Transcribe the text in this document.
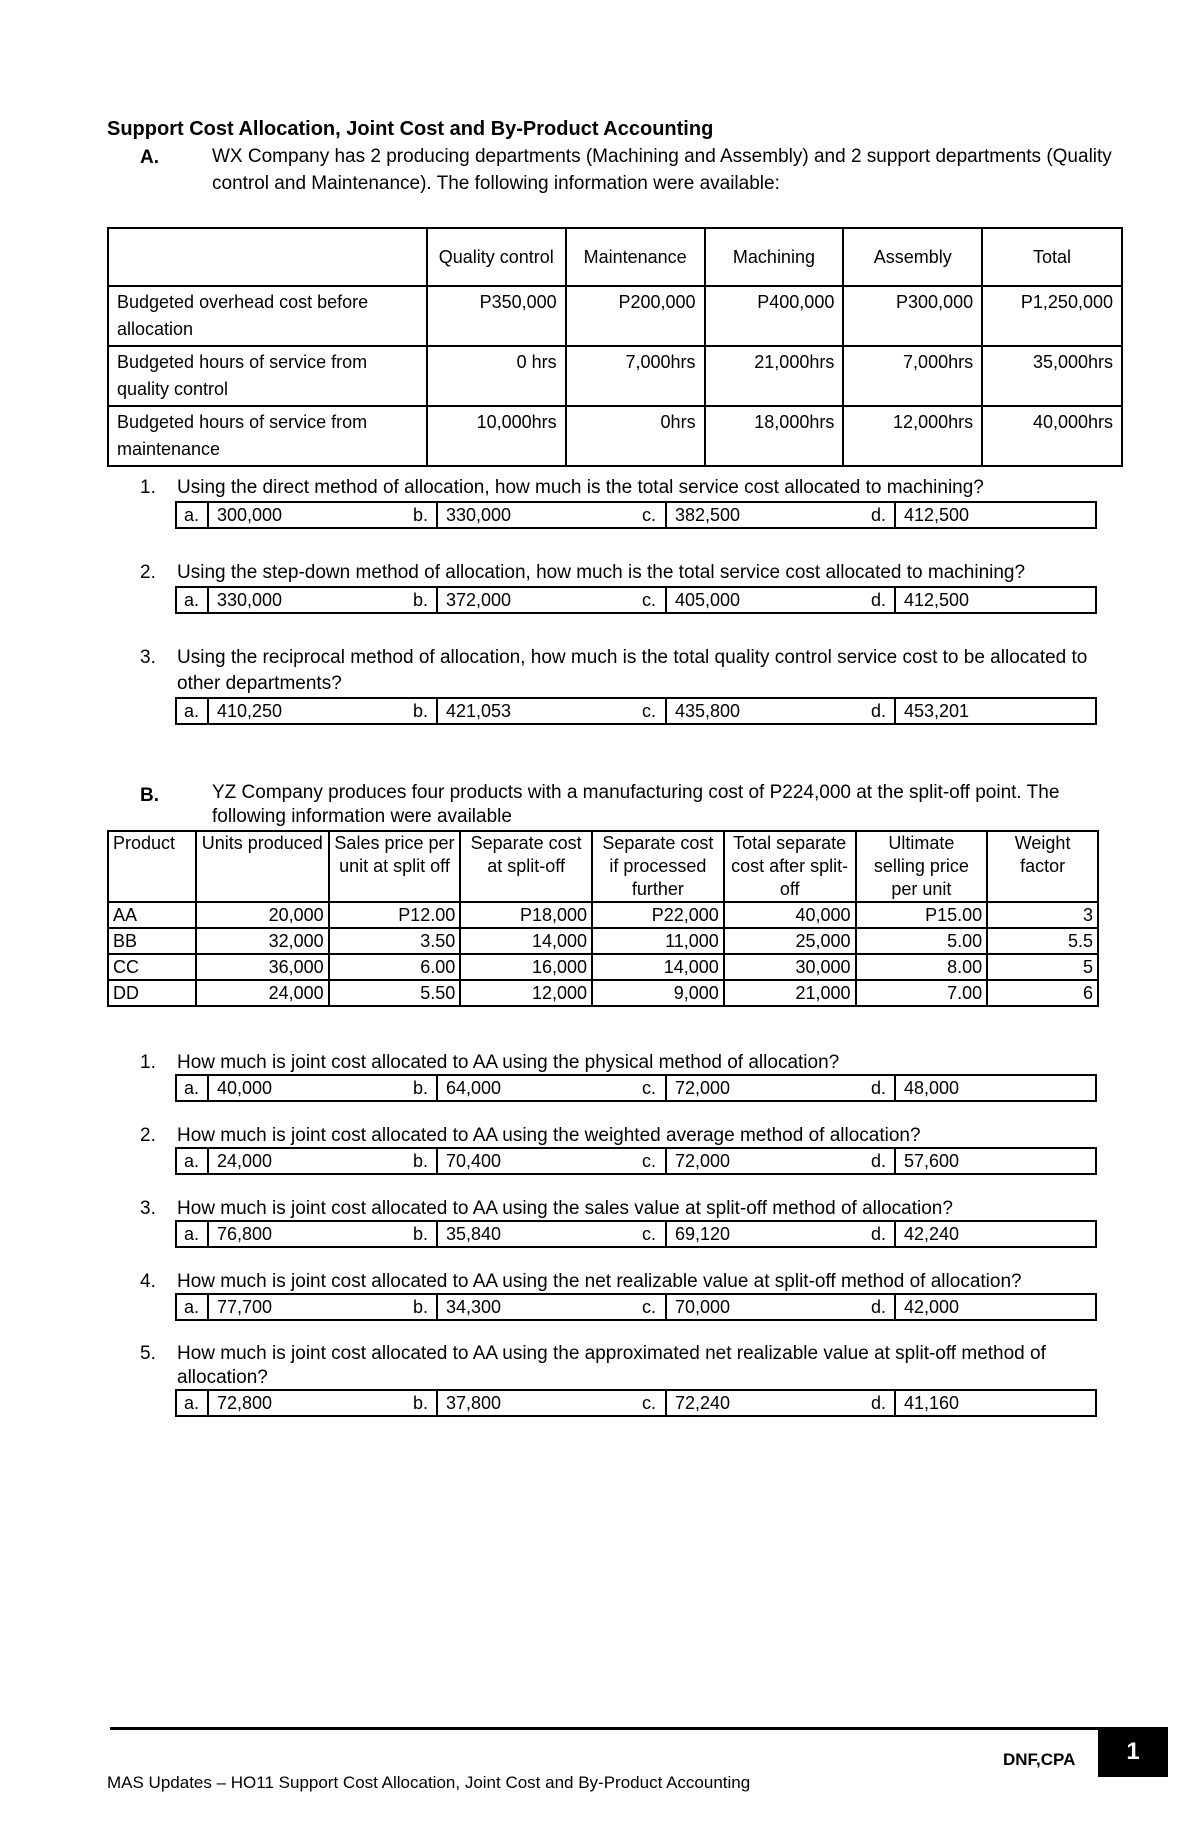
Support Cost Allocation, Joint Cost and By-Product Accounting
A.	WX Company has 2 producing departments (Machining and Assembly) and 2 support departments (Quality control and Maintenance). The following information were available:
	Quality control	Maintenance	Machining	Assembly	Total
Budgeted overhead cost before allocation	P350,000	P200,000	P400,000	P300,000	P1,250,000
Budgeted hours of service from quality control	0 hrs	7,000hrs	21,000hrs	7,000hrs	35,000hrs
Budgeted hours of service from maintenance	10,000hrs	0hrs	18,000hrs	12,000hrs	40,000hrs
1.	Using the direct method of allocation, how much is the total service cost allocated to machining?
a. 300,000	b. 330,000	c.	382,500	d. 412,500
2.	Using the step-down method of allocation, how much is the total service cost allocated to machining?
a. 330,000	b. 372,000	c.	405,000	d. 412,500
3.	Using the reciprocal method of allocation, how much is the total quality control service cost to be allocated to other departments?
a. 410,250	b. 421,053	c.	435,800	d. 453,201
B.	YZ Company produces four products with a manufacturing cost of P224,000 at the split-off point. The following information were available
Product	Units produced	Sales price per unit at split off	Separate cost at split-off	Separate cost if processed further	Total separate cost after split-off	Ultimate selling price per unit	Weight factor
AA	20,000	P12.00	P18,000	P22,000	40,000	P15.00	3
BB	32,000	3.50	14,000	11,000	25,000	5.00	5.5
CC	36,000	6.00	16,000	14,000	30,000	8.00	5
DD	24,000	5.50	12,000	9,000	21,000	7.00	6
1.	How much is joint cost allocated to AA using the physical method of allocation?
a. 40,000	b. 64,000	c.	72,000	d. 48,000
2.	How much is joint cost allocated to AA using the weighted average method of allocation?
a. 24,000	b. 70,400	c.	72,000	d. 57,600
3.	How much is joint cost allocated to AA using the sales value at split-off method of allocation?
a. 76,800	b. 35,840	c.	69,120	d. 42,240
4.	How much is joint cost allocated to AA using the net realizable value at split-off method of allocation?
a. 77,700	b. 34,300	c.	70,000	d. 42,000
5.	How much is joint cost allocated to AA using the approximated net realizable value at split-off method of allocation?
a. 72,800	b. 37,800	c.	72,240	d. 41,160
DNF,CPA	1
MAS Updates – HO11 Support Cost Allocation, Joint Cost and By-Product Accounting
